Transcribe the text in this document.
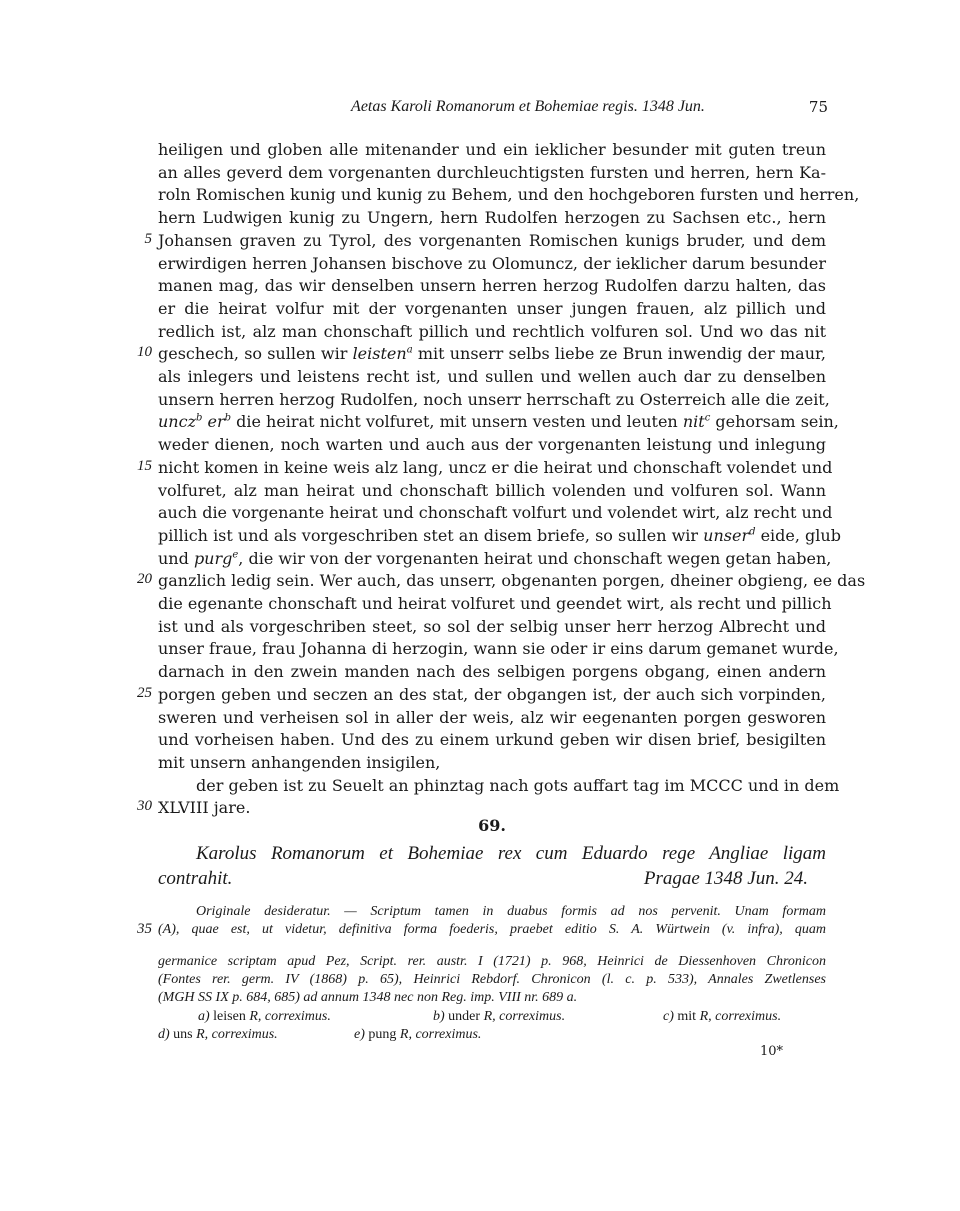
Aetas Karoli Romanorum et Bohemiae regis. 1348 Jun.	75
heiligen und globen alle mitenander und ein ieklicher besunder mit guten treun
an alles geverd dem vorgenanten durchleuchtigsten fursten und herren, hern Ka-
roln Romischen kunig und kunig zu Behem, und den hochgeboren fursten und herren,
hern Ludwigen kunig zu Ungern, hern Rudolfen herzogen zu Sachsen etc., hern
5 Johansen graven zu Tyrol, des vorgenanten Romischen kunigs bruder, und dem
erwirdigen herren Johansen bischove zu Olomuncz, der ieklicher darum besunder
manen mag, das wir denselben unsern herren herzog Rudolfen darzu halten, das
er die heirat volfur mit der vorgenanten unser jungen frauen, alz pillich und
redlich ist, alz man chonschaft pillich und rechtlich volfuren sol. Und wo das nit
10 geschech, so sullen wir leisten$^a$ mit unserr selbs liebe ze Brun inwendig der maur,
als inlegers und leistens recht ist, und sullen und wellen auch dar zu denselben
unsern herren herzog Rudolfen, noch unserr herrschaft zu Osterreich alle die zeit,
uncz$^b$ $er^b$ die heirat nicht volfuret, mit unsern vesten und leuten nit$^c$ gehorsam sein,
weder dienen, noch warten und auch aus der vorgenanten leistung und inlegung
15 nicht komen in keine weis alz lang, uncz er die heirat und chonschaft volendet und
volfuret, alz man heirat und chonschaft billich volenden und volfuren sol. Wann
auch die vorgenante heirat und chonschaft volfurt und volendet wirt, alz recht und
pillich ist und als vorgeschriben stet an disem briefe, so sullen wir unser$^d$ eide, glub
und purg$^e$, die wir von der vorgenanten heirat und chonschaft wegen getan haben,
20 ganzlich ledig sein. Wer auch, das unserr, obgenanten porgen, dheiner obgieng, ee das
die egenante chonschaft und heirat volfuret und geendet wirt, als recht und pillich
ist und als vorgeschriben steet, so sol der selbig unser herr herzog Albrecht und
unser fraue, frau Johanna di herzogin, wann sie oder ir eins darum gemanet wurde,
darnach in den zwein manden nach des selbigen porgens obgang, einen andern
25 porgen geben und seczen an des stat, der obgangen ist, der auch sich vorpinden,
sweren und verheisen sol in aller der weis, alz wir eegenanten porgen gesworen
und vorheisen haben. Und des zu einem urkund geben wir disen brief, besigilten
mit unsern anhangenden insigilen,
der geben ist zu Seuelt an phinztag nach gots auffart tag im MCCC und in dem
30 XLVIII jare.
69.
Karolus Romanorum et Bohemiae rex cum Eduardo rege Angliae ligam
contrahit.	Pragae 1348 Jun. 24.
Originale desideratur. — Scriptum tamen in duabus formis ad nos pervenit. Unam formam
35 (A), quae est, ut videtur, definitiva forma foederis, praebet editio S. A. Würtwein (v. infra), quam
germanice scriptam apud Pez, Script. rer. austr. I (1721) p. 968, Heinrici de Diessenhoven Chronicon
(Fontes rer. germ. IV (1868) p. 65), Heinrici Rebdorf. Chronicon (l. c. p. 533), Annales Zwetlenses
(MGH SS IX p. 684, 685) ad annum 1348 nec non Reg. imp. VIII nr. 689 a.
a) leisen R, correximus.	b) under R, correximus.	c) mit R, correximus.
d) uns R, correximus.	e) pung R, correximus.
10*
